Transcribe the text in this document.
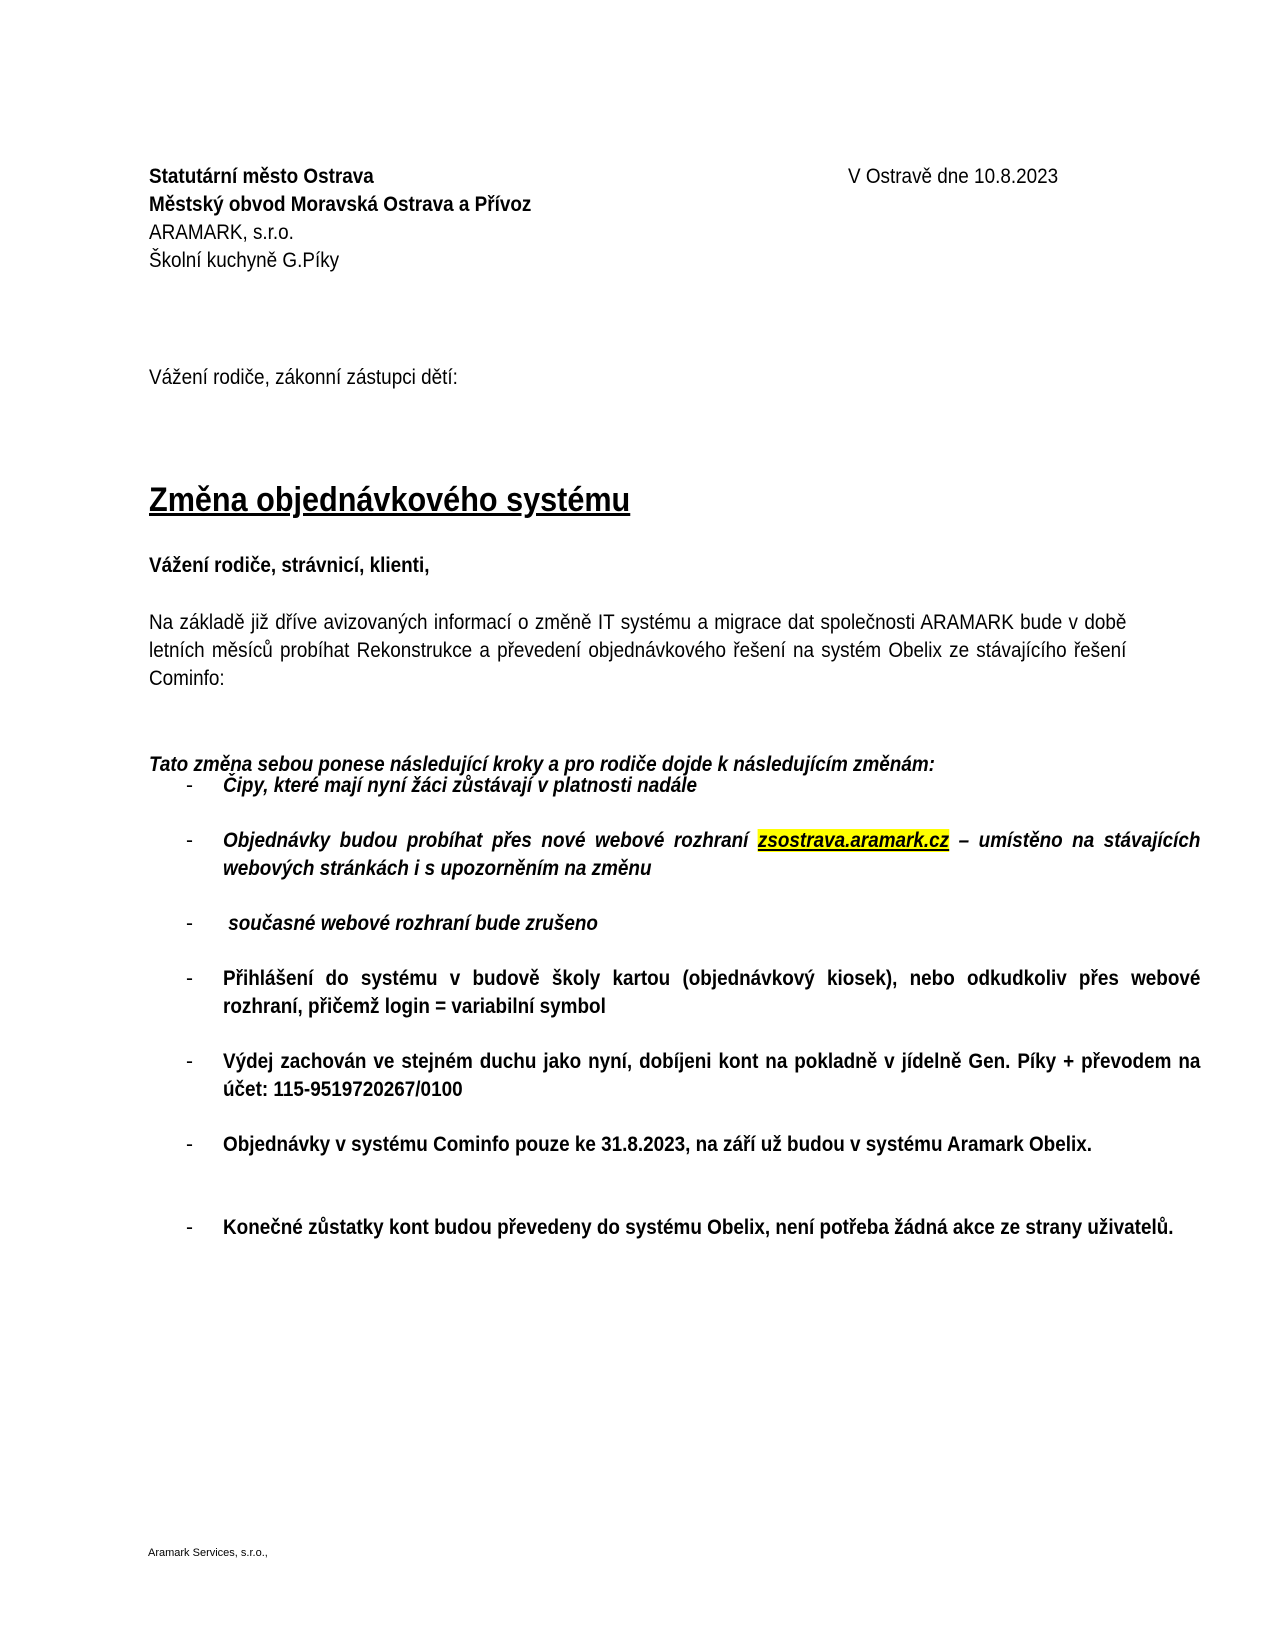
Statutární město Ostrava
Městský obvod Moravská Ostrava a Přívoz
ARAMARK, s.r.o.
Školní kuchyně G.Píky
V Ostravě dne 10.8.2023
Vážení rodiče, zákonní zástupci dětí:
Změna objednávkového systému
Vážení rodiče, strávnicí, klienti,
Na základě již dříve avizovaných informací o změně IT systému a migrace dat společnosti ARAMARK bude v době letních měsíců probíhat Rekonstrukce a převedení objednávkového řešení na systém Obelix ze stávajícího řešení Cominfo:
Tato změna sebou ponese následující kroky a pro rodiče dojde k následujícím změnám:
- Čipy, které mají nyní žáci zůstávají v platnosti nadále
- Objednávky budou probíhat přes nové webové rozhraní zsostrava.aramark.cz – umístěno na stávajících webových stránkách i s upozorněním na změnu
- současné webové rozhraní bude zrušeno
- Přihlášení do systému v budově školy kartou (objednávkový kiosek), nebo odkudkoliv přes webové rozhraní, přičemž login = variabilní symbol
- Výdej zachován ve stejném duchu jako nyní, dobíjeni kont na pokladně v jídelně Gen. Píky + převodem na účet: 115-9519720267/0100
- Objednávky v systému Cominfo pouze ke 31.8.2023, na září už budou v systému Aramark Obelix.
- Konečné zůstatky kont budou převedeny do systému Obelix, není potřeba žádná akce ze strany uživatelů.
Aramark Services, s.r.o.,
